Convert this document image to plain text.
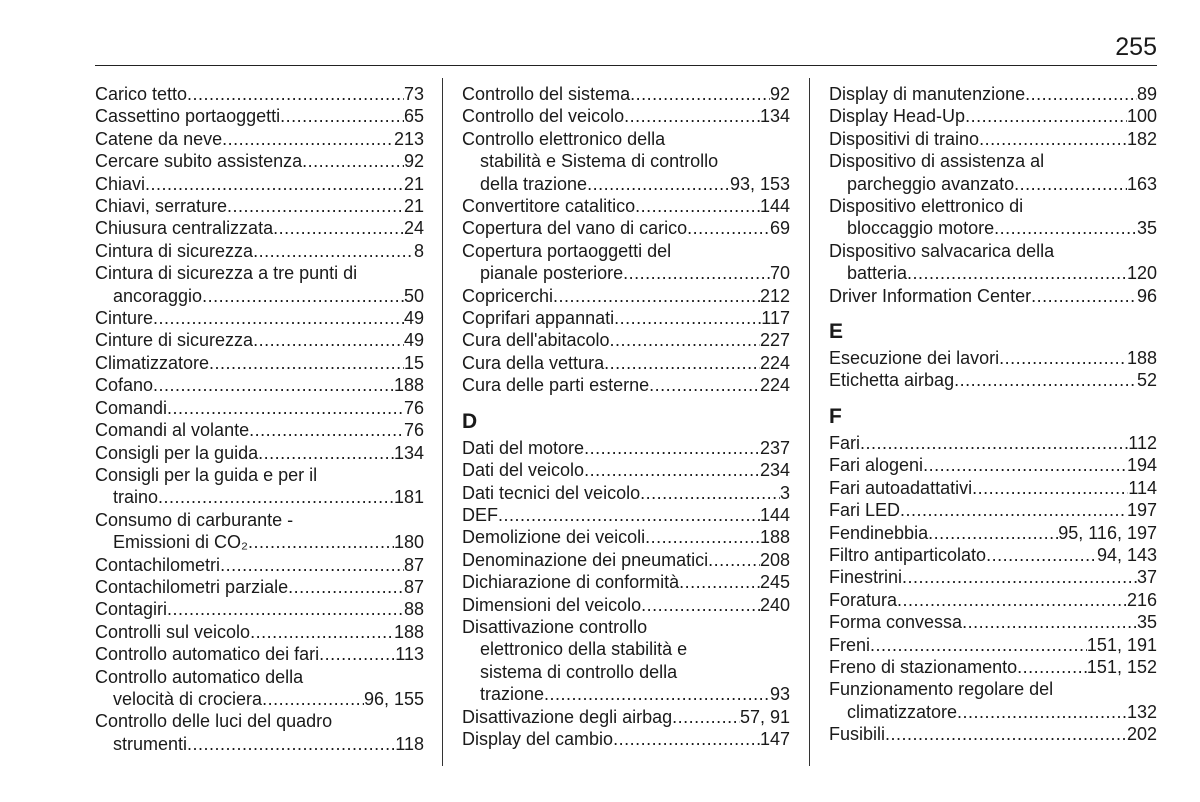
255
Carico tetto .....	73
Cassettino portaoggetti .....	65
Catene da neve .....	213
Cercare subito assistenza .....	92
Chiavi .....	21
Chiavi, serrature .....	21
Chiusura centralizzata .....	24
Cintura di sicurezza .....	8
Cintura di sicurezza a tre punti di
ancoraggio .....	50
Cinture .....	49
Cinture di sicurezza .....	49
Climatizzatore .....	15
Cofano .....	188
Comandi .....	76
Comandi al volante .....	76
Consigli per la guida .....	134
Consigli per la guida e per il
traino .....	181
Consumo di carburante -
Emissioni di CO₂ .....	180
Contachilometri .....	87
Contachilometri parziale .....	87
Contagiri .....	88
Controlli sul veicolo .....	188
Controllo automatico dei fari .....	113
Controllo automatico della
velocità di crociera .....	96, 155
Controllo delle luci del quadro
strumenti .....	118
Controllo del sistema .....	92
Controllo del veicolo .....	134
Controllo elettronico della
stabilità e Sistema di controllo
della trazione .....	93, 153
Convertitore catalitico .....	144
Copertura del vano di carico .....	69
Copertura portaoggetti del
pianale posteriore .....	70
Copricerchi .....	212
Coprifari appannati .....	117
Cura dell'abitacolo .....	227
Cura della vettura .....	224
Cura delle parti esterne .....	224
D
Dati del motore .....	237
Dati del veicolo .....	234
Dati tecnici del veicolo .....	3
DEF .....	144
Demolizione dei veicoli .....	188
Denominazione dei pneumatici .....	208
Dichiarazione di conformità .....	245
Dimensioni del veicolo .....	240
Disattivazione controllo
elettronico della stabilità e
sistema di controllo della
trazione .....	93
Disattivazione degli airbag .....	57, 91
Display del cambio .....	147
Display di manutenzione .....	89
Display Head-Up .....	100
Dispositivi di traino .....	182
Dispositivo di assistenza al
parcheggio avanzato .....	163
Dispositivo elettronico di
bloccaggio motore .....	35
Dispositivo salvacarica della
batteria .....	120
Driver Information Center .....	96
E
Esecuzione dei lavori .....	188
Etichetta airbag .....	52
F
Fari .....	112
Fari alogeni .....	194
Fari autoadattativi .....	114
Fari LED .....	197
Fendinebbia .....	95, 116, 197
Filtro antiparticolato .....	94, 143
Finestrini .....	37
Foratura .....	216
Forma convessa .....	35
Freni .....	151, 191
Freno di stazionamento .....	151, 152
Funzionamento regolare del
climatizzatore .....	132
Fusibili .....	202
